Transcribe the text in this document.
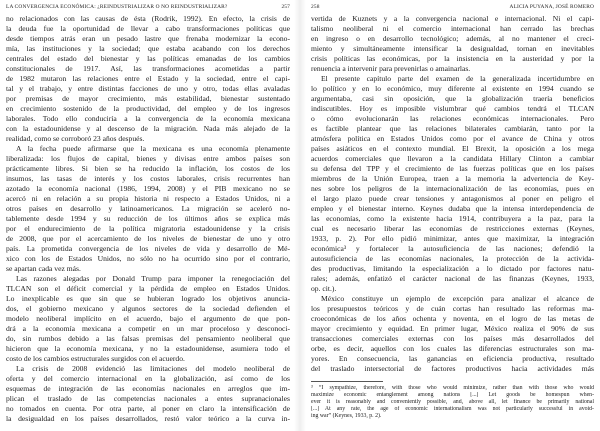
LA CONVERGENCIA ECONÓMICA: ¿REINDUSTRIALIZAR O NO REINDUSTRIALIZAR?	257
no relacionados con las causas de ésta (Rodrik, 1992). En efecto, la crisis de
la deuda fue la oportunidad de llevar a cabo transformaciones políticas que
desde tiempos atrás eran un pesado lastre que frenaba modernizar la econo-
mía, las instituciones y la sociedad; que estaba acabando con los derechos
centrales del estado del bienestar y las políticas emanadas de los cambios
constitucionales de 1917. Así, las transformaciones acometidas a partir
de 1982 mutaron las relaciones entre el Estado y la sociedad, entre el capi-
tal y el trabajo, y entre distintas facciones de uno y otro, todas ellas avaladas
por premisas de mayor crecimiento, más estabilidad, bienestar sustentado
en crecimiento sostenido de la productividad, del empleo y de los ingresos
laborales. Todo ello conduciría a la convergencia de la economía mexicana
con la estadounidense y al descenso de la migración. Nada más alejado de la
realidad, como se corroboró 23 años después.
A la fecha puede afirmarse que la mexicana es una economía plenamente
liberalizada: los flujos de capital, bienes y divisas entre ambos países son
prácticamente libres. Si bien se ha reducido la inflación, los costos de los
insumos, las tasas de interés y los costos laborales, crisis recurrentes han
azotado la economía nacional (1986, 1994, 2008) y el PIB mexicano no se
acercó ni en relación a su propia historia ni respecto a Estados Unidos, ni a
otros países en desarrollo y latinoamericanos. La migración se aceleró no-
tablemente desde 1994 y su reducción de los últimos años se explica más
por el endurecimiento de la política migratoria estadounidense y la crisis
de 2008, que por el acercamiento de los niveles de bienestar de uno y otro
país. La prometida convergencia de los niveles de vida y desarrollo de Mé-
xico con los de Estados Unidos, no sólo no ha ocurrido sino por el contrario,
se apartan cada vez más.
Las razones alegadas por Donald Trump para imponer la renegociación del
TLCAN son el déficit comercial y la pérdida de empleo en Estados Unidos.
Lo inexplicable es que sin que se hubieran logrado los objetivos anuncia-
dos, el gobierno mexicano y algunos sectores de la sociedad defienden el
modelo neoliberal implícito en el acuerdo, bajo el argumento de que pon-
drá a la economía mexicana a competir en un mar proceloso y desconoci-
do, sin rumbos debido a las falsas premisas del pensamiento neoliberal que
hicieron que la economía mexicana, y no la estadounidense, asumiera todo el
costo de los cambios estructurales surgidos con el acuerdo.
La crisis de 2008 evidenció las limitaciones del modelo neoliberal de
oferta y del comercio internacional en la globalización, así como de los
esquemas de integración de las economías nacionales en arreglos que im-
plican el traslado de las competencias nacionales a entes supranacionales
no tomados en cuenta. Por otra parte, al poner en claro la intensificación de
la desigualdad en los países desarrollados, restó valor teórico a la curva in-
258	ALICIA PUYANA, JOSÉ ROMERO
vertida de Kuznets y a la convergencia nacional e internacional. Ni el capi-
talismo neoliberal ni el comercio internacional han cerrado las brechas
en ingreso o en desarrollo tecnológico; además, al no mantener el creci-
miento y simultáneamente intensificar la desigualdad, tornan en inevitables
crisis políticas las económicas, por la insistencia en la austeridad y por la
renuencia a intervenir para prevenirlas o amainarlas.
El presente capítulo parte del examen de la generalizada incertidumbre en
lo político y en lo económico, muy diferente al existente en 1994 cuando se
argumentaba, casi sin oposición, que la globalización traería beneficios
indiscutibles. Hoy es imposible vislumbrar qué cambios tendrá el TLCAN
o cómo evolucionarán las relaciones económicas internacionales. Pero
es factible plantear que las relaciones bilaterales cambiarán, tanto por la
atmósfera política en Estados Unidos como por el avance de China y otros
países asiáticos en el contexto mundial. El Brexit, la oposición a los mega
acuerdos comerciales que llevaron a la candidata Hillary Clinton a cambiar
su defensa del TPP y el crecimiento de las fuerzas políticas que en los países
miembros de la Unión Europea, traen a la memoria la advertencia de Key-
nes sobre los peligros de la internacionalización de las economías, pues en
el largo plazo puede crear tensiones y antagonismos al poner en peligro el
empleo y el bienestar interno. Keynes dudaba que la intensa interdependencia de
las economías, como la existente hacia 1914, contribuyera a la paz, para la
cual es necesario liberar las economías de restricciones externas (Keynes,
1933, p. 2). Por ello pidió minimizar, antes que maximizar, la integración
económica³ y fortalecer la autosuficiencia de las naciones; defendió la
autosuficiencia de las economías nacionales, la protección de la activida-
des productivas, limitando la especialización a lo dictado por factores natu-
rales; además, enfatizó el carácter nacional de las finanzas (Keynes, 1933,
op. cit.).
México constituye un ejemplo de excepción para analizar el alcance de
los presupuestos teóricos y de cuán cortas han resultado las reformas ma-
croeconómicas de los años ochenta y noventa, en el logro de las metas de
mayor crecimiento y equidad. En primer lugar, México realiza el 90% de sus
transacciones comerciales externas con los países más desarrollados del
orbe, es decir, aquellos con los cuales las diferencias estructurales son ma-
yores. En consecuencia, las ganancias en eficiencia productiva, resultado
del traslado intersectorial de factores productivos hacia actividades más
³ “I sympathize, therefore, with those who would minimize, rather than with those who would
maximize economic entanglement among nations [...] Let goods be homespun when-
ever it is reasonably and conveniently possible, and, above all, let finance be primarily national
[...] At any rate, the age of economic internationalism was not particularly successful in avoid-
ing war” (Keynes, 1933, p. 2).
